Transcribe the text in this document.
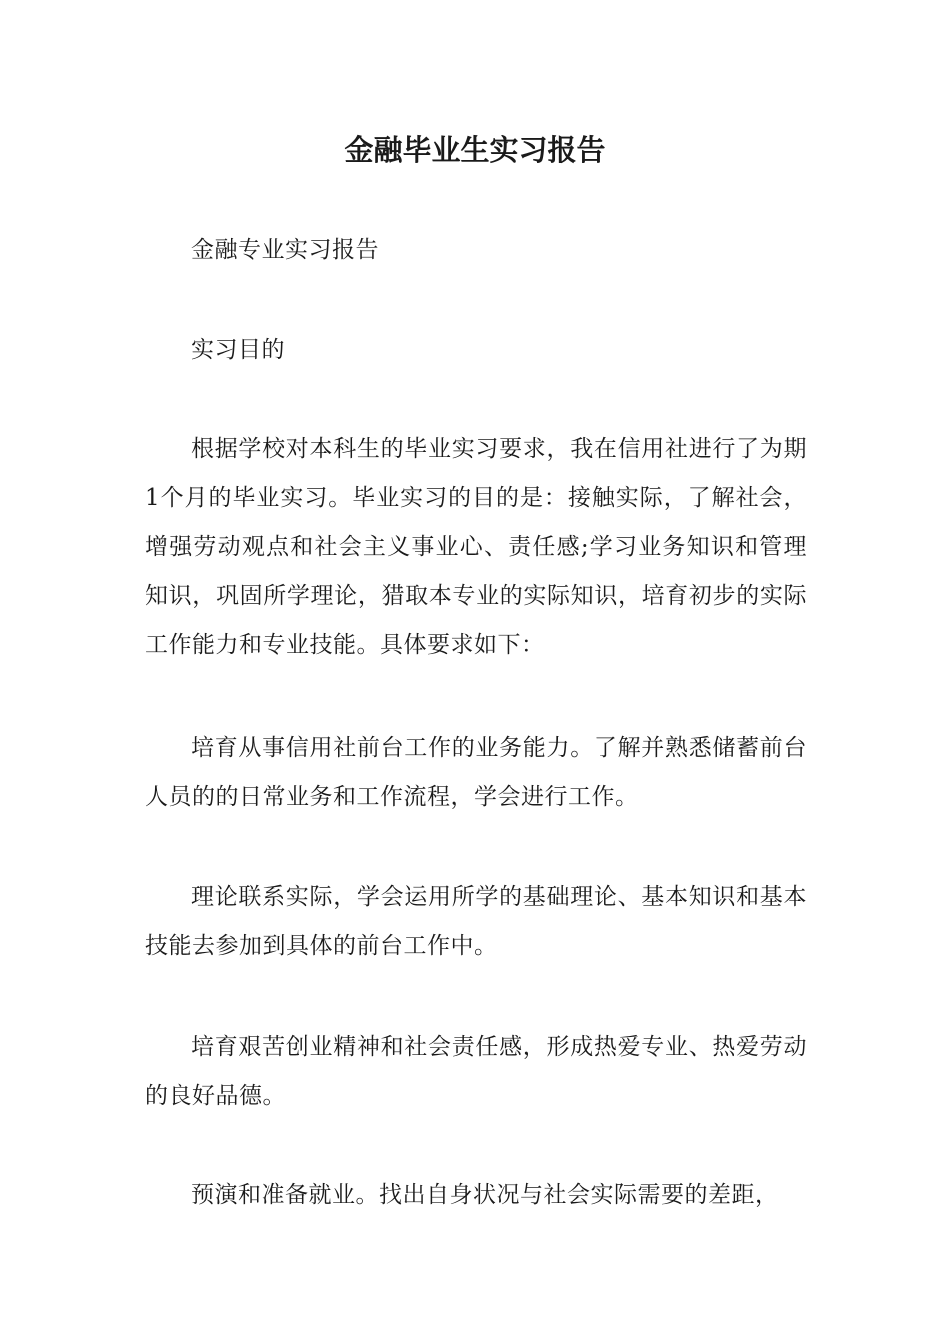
金融毕业生实习报告

金融专业实习报告

实习目的

根据学校对本科生的毕业实习要求，我在信用社进行了为期1个月的毕业实习。毕业实习的目的是：接触实际，了解社会，增强劳动观点和社会主义事业心、责任感;学习业务知识和管理知识，巩固所学理论，猎取本专业的实际知识，培育初步的实际工作能力和专业技能。具体要求如下：

培育从事信用社前台工作的业务能力。了解并熟悉储蓄前台人员的的日常业务和工作流程，学会进行工作。

理论联系实际，学会运用所学的基础理论、基本知识和基本技能去参加到具体的前台工作中。

培育艰苦创业精神和社会责任感，形成热爱专业、热爱劳动的良好品德。

预演和准备就业。找出自身状况与社会实际需要的差距，
